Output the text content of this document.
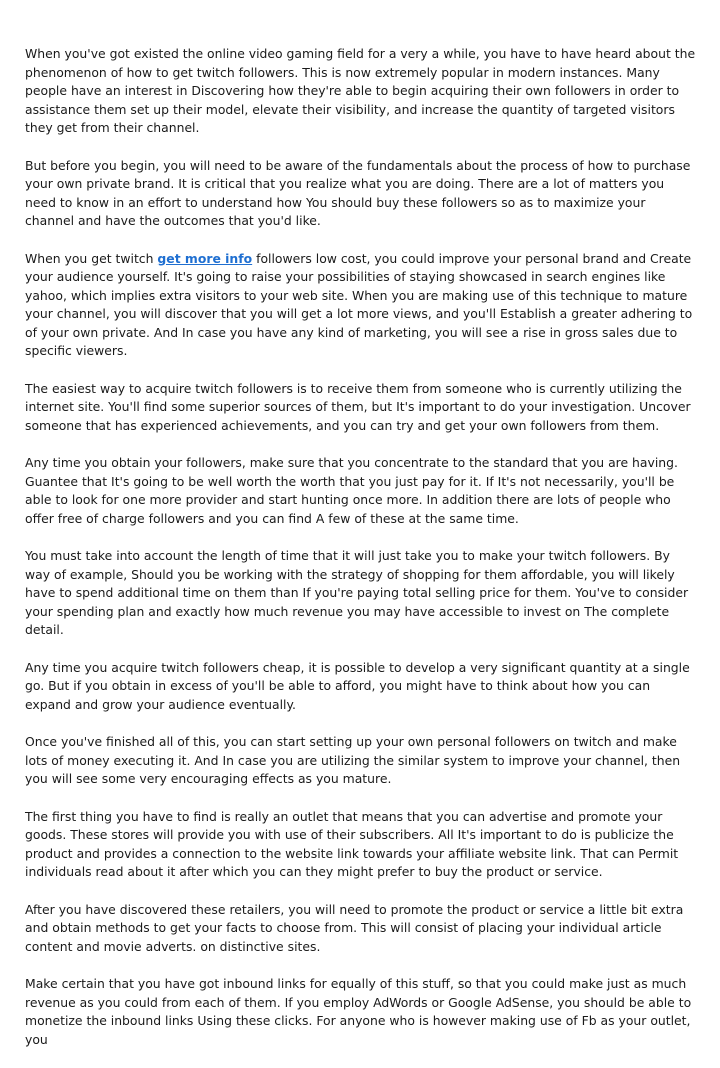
When you've got existed the online video gaming field for a very a while, you have to have heard about the phenomenon of how to get twitch followers. This is now extremely popular in modern instances. Many people have an interest in Discovering how they're able to begin acquiring their own followers in order to assistance them set up their model, elevate their visibility, and increase the quantity of targeted visitors they get from their channel.

But before you begin, you will need to be aware of the fundamentals about the process of how to purchase your own private brand. It is critical that you realize what you are doing. There are a lot of matters you need to know in an effort to understand how You should buy these followers so as to maximize your channel and have the outcomes that you'd like.

When you get twitch get more info followers low cost, you could improve your personal brand and Create your audience yourself. It's going to raise your possibilities of staying showcased in search engines like yahoo, which implies extra visitors to your web site. When you are making use of this technique to mature your channel, you will discover that you will get a lot more views, and you'll Establish a greater adhering to of your own private. And In case you have any kind of marketing, you will see a rise in gross sales due to specific viewers.

The easiest way to acquire twitch followers is to receive them from someone who is currently utilizing the internet site. You'll find some superior sources of them, but It's important to do your investigation. Uncover someone that has experienced achievements, and you can try and get your own followers from them.

Any time you obtain your followers, make sure that you concentrate to the standard that you are having. Guantee that It's going to be well worth the worth that you just pay for it. If It's not necessarily, you'll be able to look for one more provider and start hunting once more. In addition there are lots of people who offer free of charge followers and you can find A few of these at the same time.

You must take into account the length of time that it will just take you to make your twitch followers. By way of example, Should you be working with the strategy of shopping for them affordable, you will likely have to spend additional time on them than If you're paying total selling price for them. You've to consider your spending plan and exactly how much revenue you may have accessible to invest on The complete detail.

Any time you acquire twitch followers cheap, it is possible to develop a very significant quantity at a single go. But if you obtain in excess of you'll be able to afford, you might have to think about how you can expand and grow your audience eventually.

Once you've finished all of this, you can start setting up your own personal followers on twitch and make lots of money executing it. And In case you are utilizing the similar system to improve your channel, then you will see some very encouraging effects as you mature.

The first thing you have to find is really an outlet that means that you can advertise and promote your goods. These stores will provide you with use of their subscribers. All It's important to do is publicize the product and provides a connection to the website link towards your affiliate website link. That can Permit individuals read about it after which you can they might prefer to buy the product or service.

After you have discovered these retailers, you will need to promote the product or service a little bit extra and obtain methods to get your facts to choose from. This will consist of placing your individual article content and movie adverts. on distinctive sites.

Make certain that you have got inbound links for equally of this stuff, so that you could make just as much revenue as you could from each of them. If you employ AdWords or Google AdSense, you should be able to monetize the inbound links Using these clicks. For anyone who is however making use of Fb as your outlet, you
